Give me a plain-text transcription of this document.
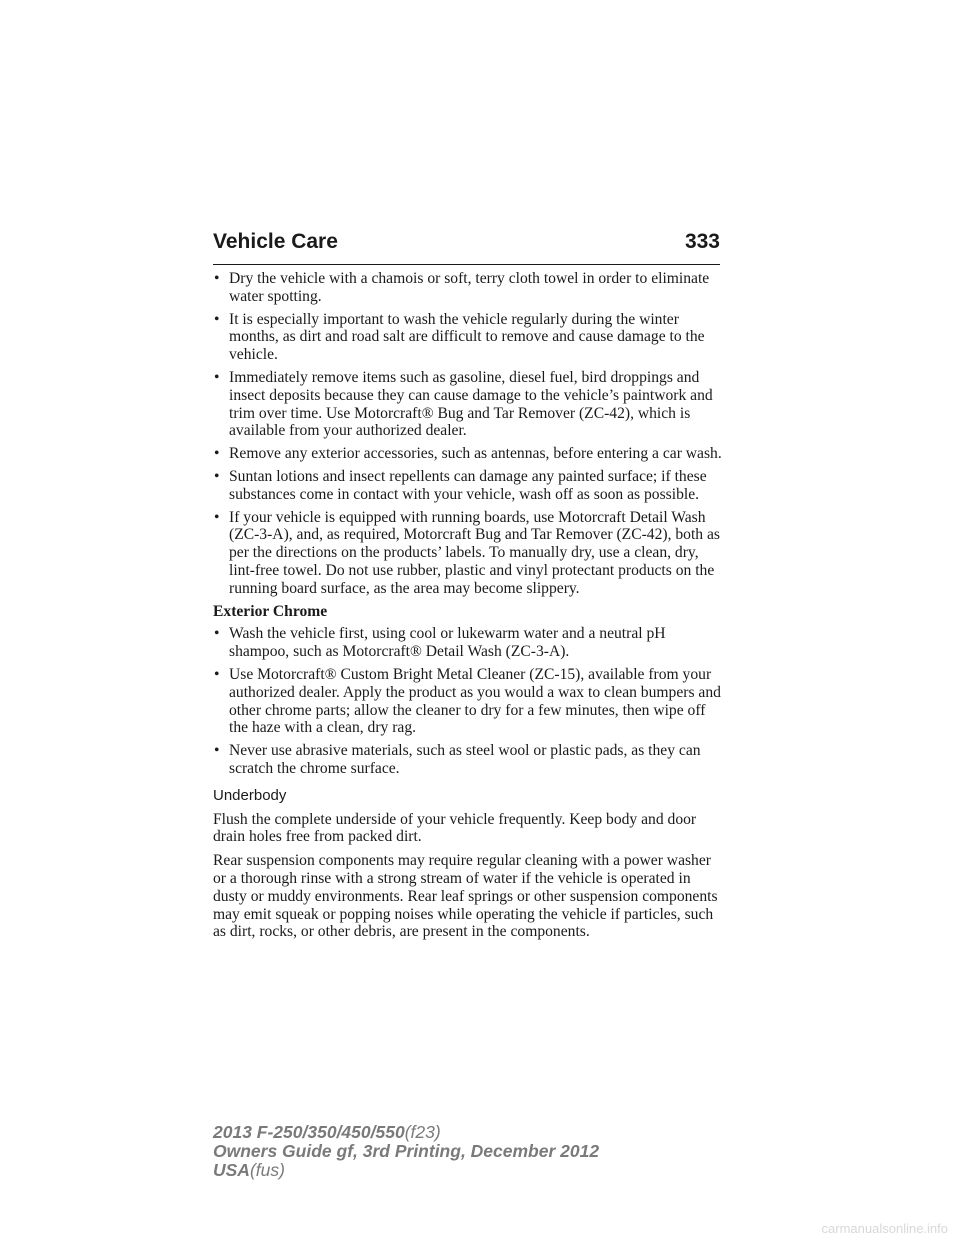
Vehicle Care	333
• Dry the vehicle with a chamois or soft, terry cloth towel in order to eliminate water spotting.
• It is especially important to wash the vehicle regularly during the winter months, as dirt and road salt are difficult to remove and cause damage to the vehicle.
• Immediately remove items such as gasoline, diesel fuel, bird droppings and insect deposits because they can cause damage to the vehicle’s paintwork and trim over time. Use Motorcraft® Bug and Tar Remover (ZC-42), which is available from your authorized dealer.
• Remove any exterior accessories, such as antennas, before entering a car wash.
• Suntan lotions and insect repellents can damage any painted surface; if these substances come in contact with your vehicle, wash off as soon as possible.
• If your vehicle is equipped with running boards, use Motorcraft Detail Wash (ZC-3-A), and, as required, Motorcraft Bug and Tar Remover (ZC-42), both as per the directions on the products’ labels. To manually dry, use a clean, dry, lint-free towel. Do not use rubber, plastic and vinyl protectant products on the running board surface, as the area may become slippery.
Exterior Chrome
• Wash the vehicle first, using cool or lukewarm water and a neutral pH shampoo, such as Motorcraft® Detail Wash (ZC-3-A).
• Use Motorcraft® Custom Bright Metal Cleaner (ZC-15), available from your authorized dealer. Apply the product as you would a wax to clean bumpers and other chrome parts; allow the cleaner to dry for a few minutes, then wipe off the haze with a clean, dry rag.
• Never use abrasive materials, such as steel wool or plastic pads, as they can scratch the chrome surface.
Underbody

Flush the complete underside of your vehicle frequently. Keep body and door drain holes free from packed dirt.

Rear suspension components may require regular cleaning with a power washer or a thorough rinse with a strong stream of water if the vehicle is operated in dusty or muddy environments. Rear leaf springs or other suspension components may emit squeak or popping noises while operating the vehicle if particles, such as dirt, rocks, or other debris, are present in the components.

2013 F-250/350/450/550(f23)
Owners Guide gf, 3rd Printing, December 2012
USA(fus)
carmanualsonline.info
